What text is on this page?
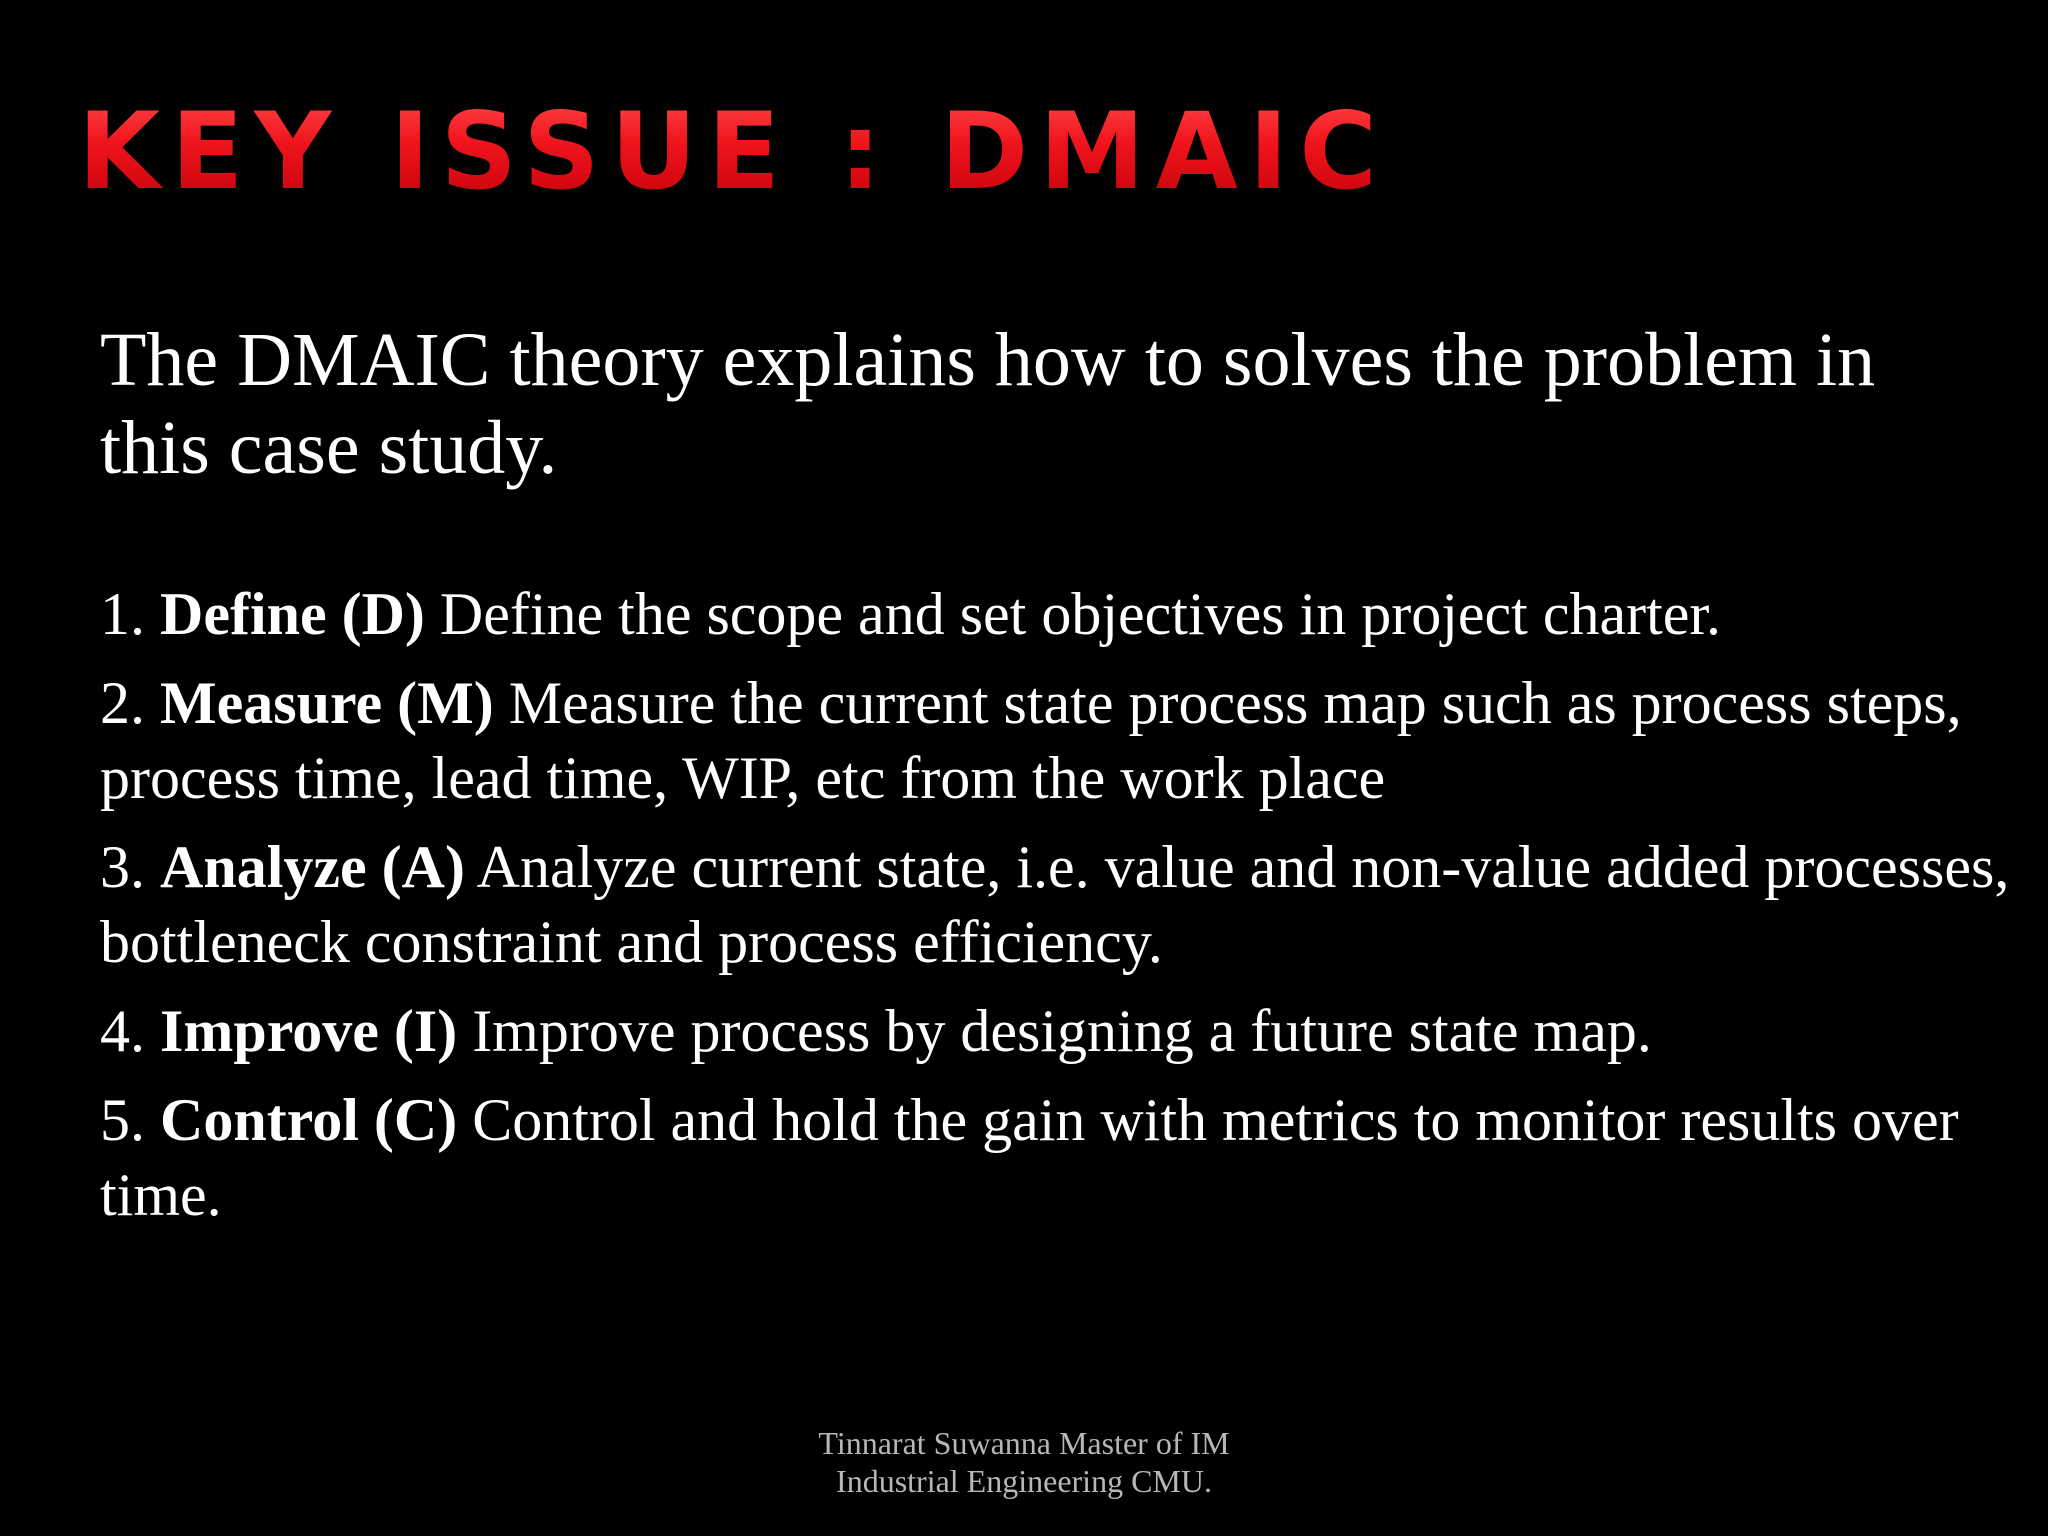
KEY ISSUE : DMAIC

The DMAIC theory explains how to solves the problem in this case study.

1. Define (D) Define the scope and set objectives in project charter.
2. Measure (M) Measure the current state process map such as process steps, process time, lead time, WIP, etc from the work place
3. Analyze (A) Analyze current state, i.e. value and non-value added processes, bottleneck constraint and process efficiency.
4. Improve (I) Improve process by designing a future state map.
5. Control (C) Control and hold the gain with metrics to monitor results over time.
Tinnarat Suwanna Master of IM
Industrial Engineering CMU.
